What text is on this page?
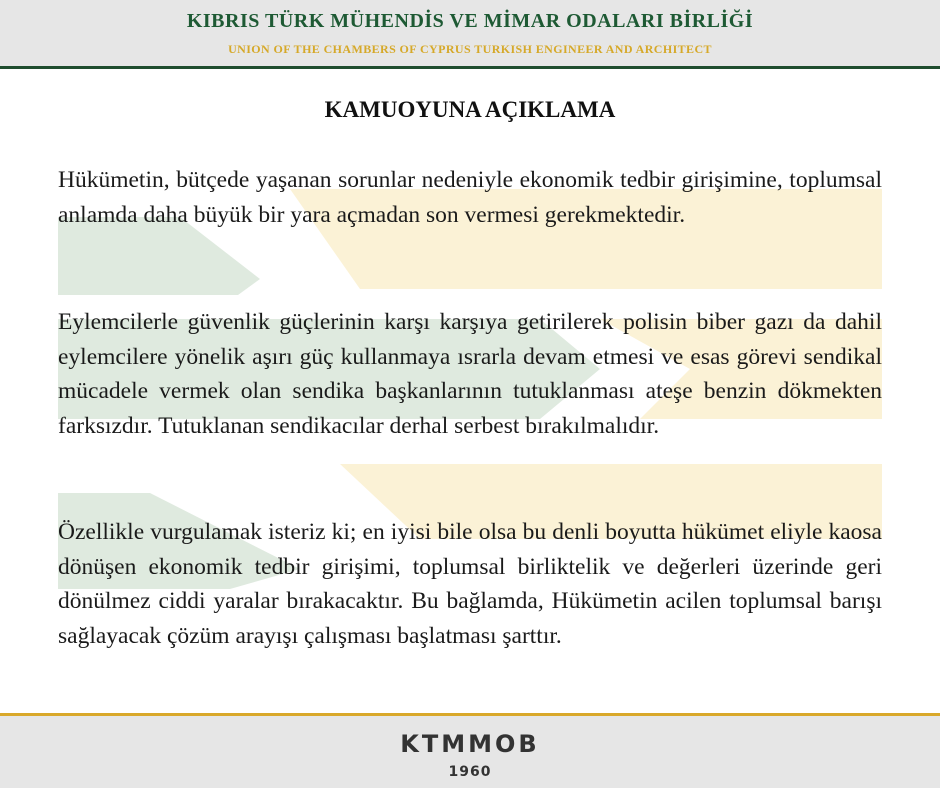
KIBRIS TÜRK MÜHENDİS VE MİMAR ODALARI BİRLİĞİ
UNION OF THE CHAMBERS OF CYPRUS TURKISH ENGINEER AND ARCHITECT
KAMUOYUNA AÇIKLAMA

Hükümetin, bütçede yaşanan sorunlar nedeniyle ekonomik tedbir girişimine, toplumsal anlamda daha büyük bir yara açmadan son vermesi gerekmektedir.

Eylemcilerle güvenlik güçlerinin karşı karşıya getirilerek polisin biber gazı da dahil eylemcilere yönelik aşırı güç kullanmaya ısrarla devam etmesi ve esas görevi sendikal mücadele vermek olan sendika başkanlarının tutuklanması ateşe benzin dökmekten farksızdır. Tutuklanan sendikacılar derhal serbest bırakılmalıdır.

Özellikle vurgulamak isteriz ki; en iyisi bile olsa bu denli boyutta hükümet eliyle kaosa dönüşen ekonomik tedbir girişimi, toplumsal birliktelik ve değerleri üzerinde geri dönülmez ciddi yaralar bırakacaktır. Bu bağlamda, Hükümetin acilen toplumsal barışı sağlayacak çözüm arayışı çalışması başlatması şarttır.

KTMMOB
1960
